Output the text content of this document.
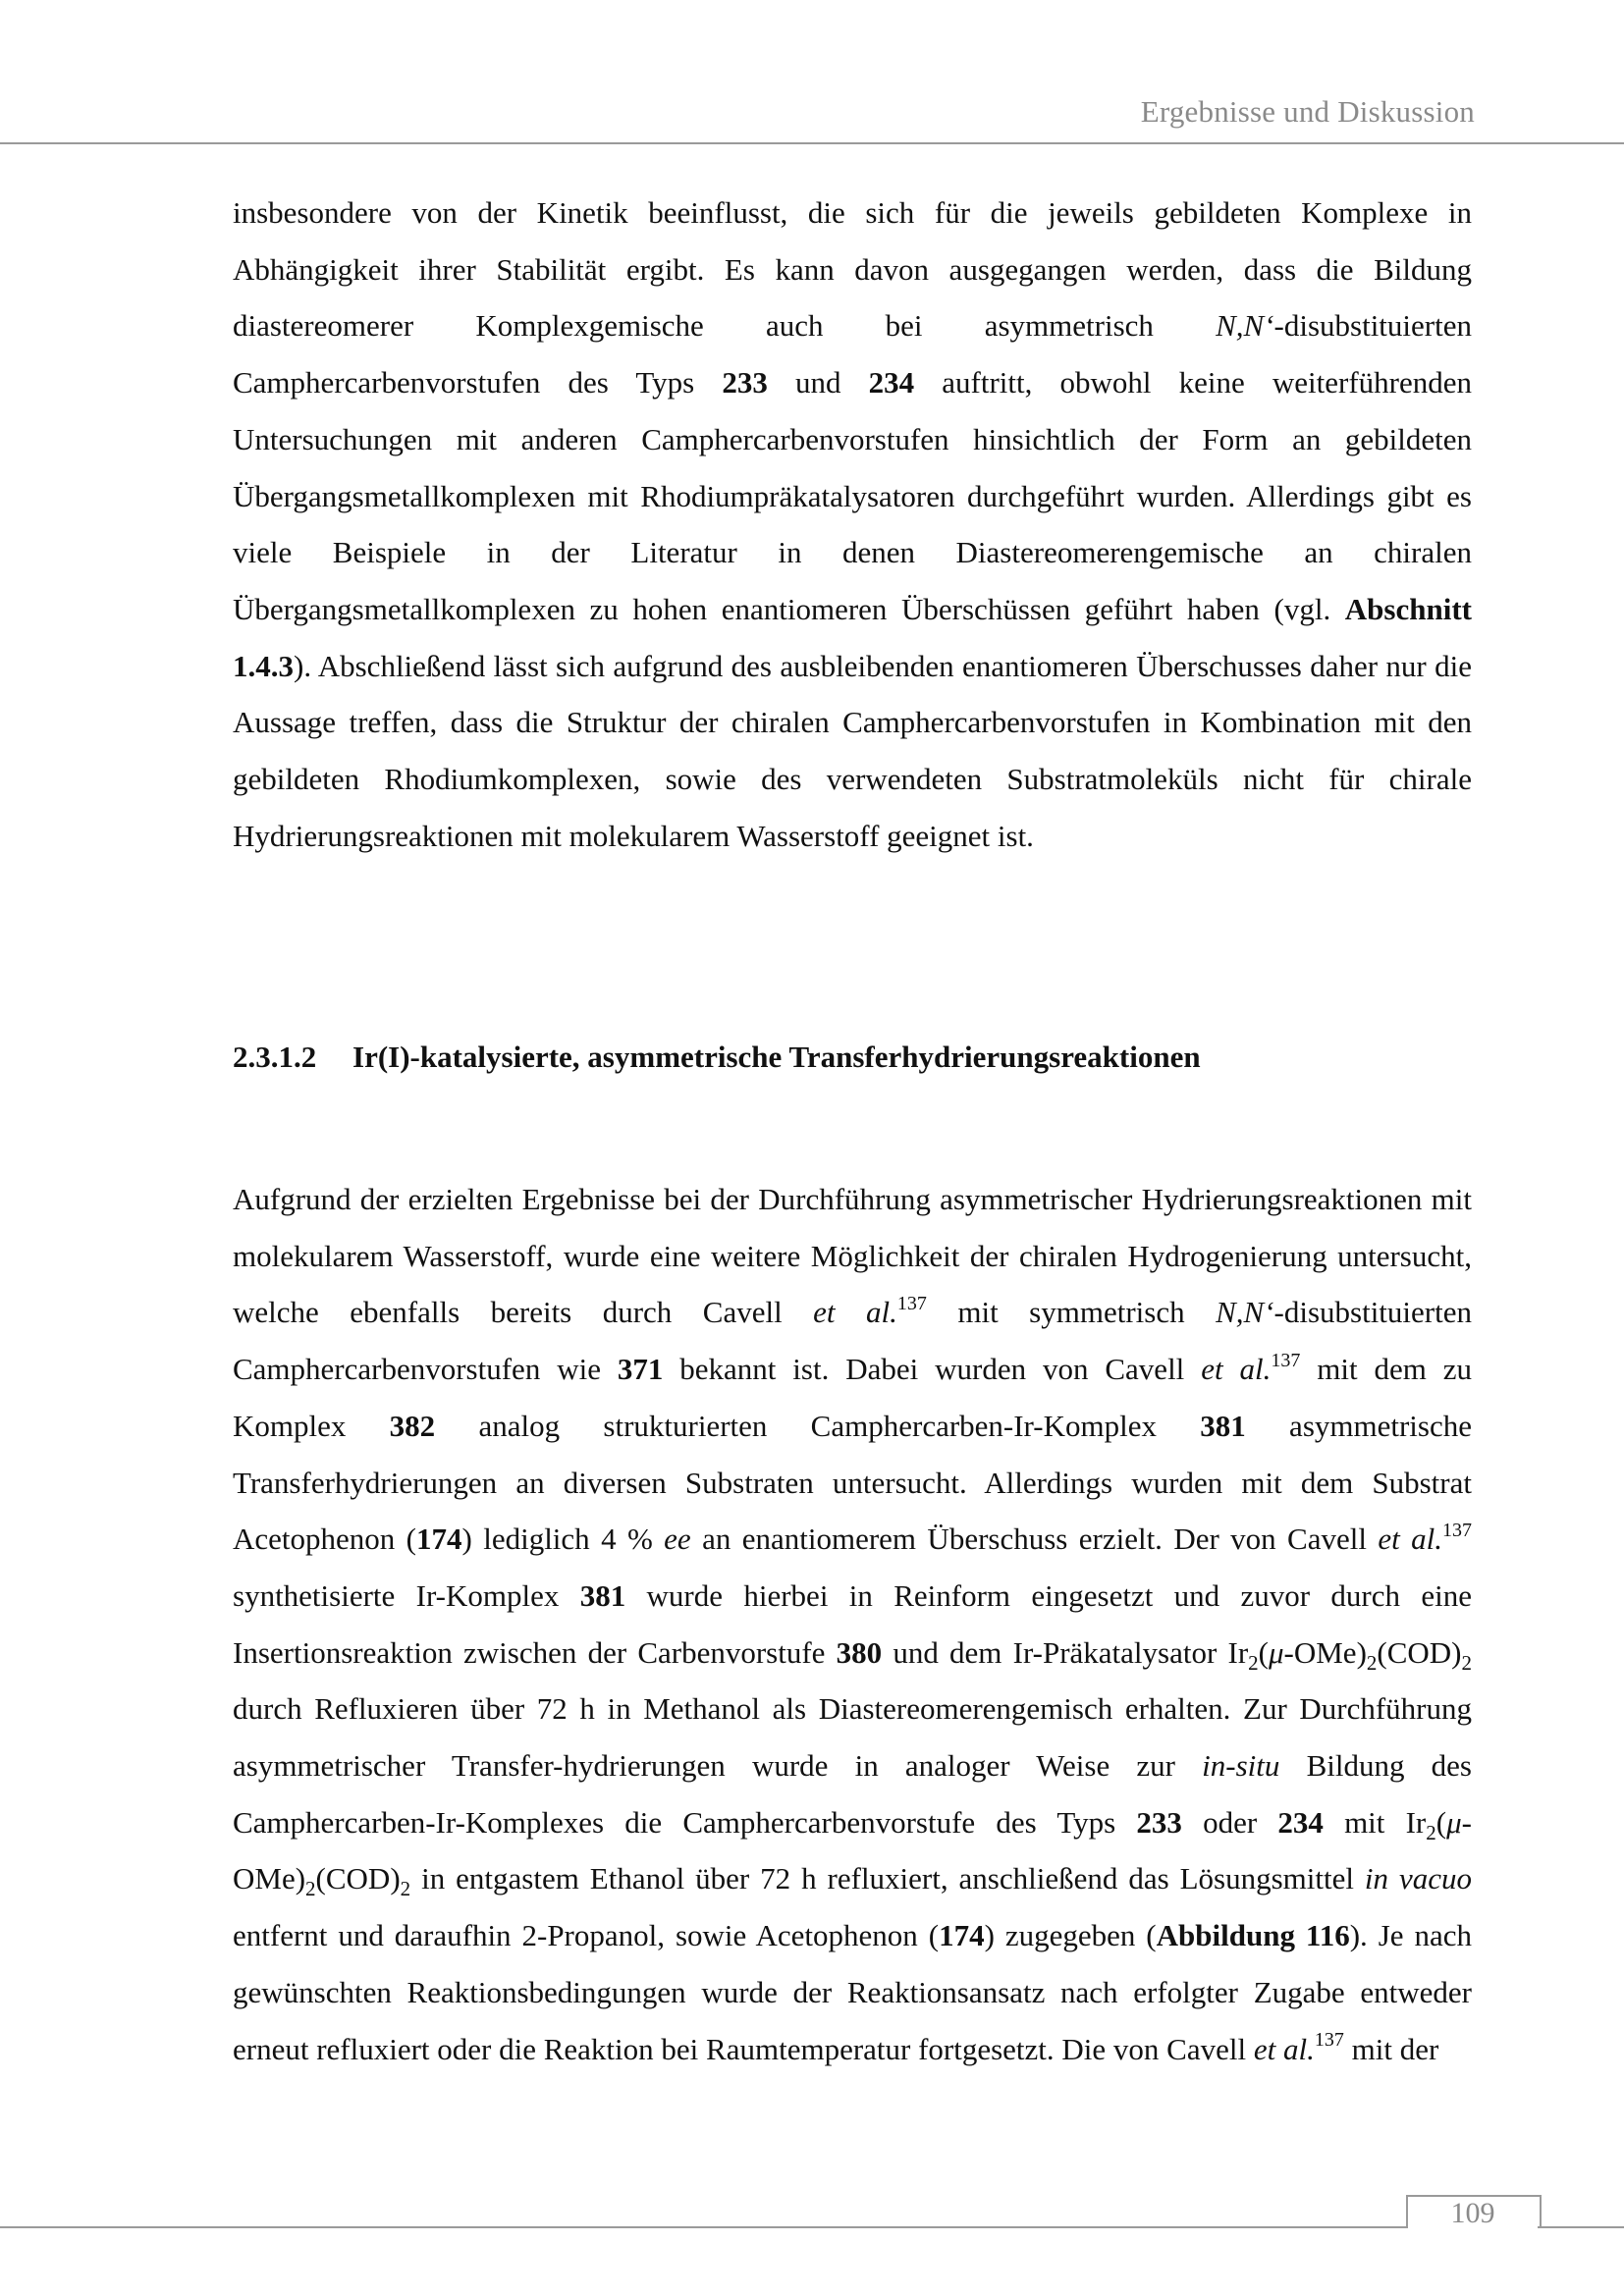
Ergebnisse und Diskussion

insbesondere von der Kinetik beeinflusst, die sich für die jeweils gebildeten Komplexe in Abhängigkeit ihrer Stabilität ergibt. Es kann davon ausgegangen werden, dass die Bildung diastereomerer Komplexgemische auch bei asymmetrisch N,N‘-disubstituierten Camphercarbenvorstufen des Typs 233 und 234 auftritt, obwohl keine weiterführenden Untersuchungen mit anderen Camphercarbenvorstufen hinsichtlich der Form an gebildeten Übergangsmetallkomplexen mit Rhodiumpräkatalysatoren durchgeführt wurden. Allerdings gibt es viele Beispiele in der Literatur in denen Diastereomerengemische an chiralen Übergangsmetallkomplexen zu hohen enantiomeren Überschüssen geführt haben (vgl. Abschnitt 1.4.3). Abschließend lässt sich aufgrund des ausbleibenden enantiomeren Überschusses daher nur die Aussage treffen, dass die Struktur der chiralen Camphercarbenvorstufen in Kombination mit den gebildeten Rhodiumkomplexen, sowie des verwendeten Substratmoleküls nicht für chirale Hydrierungsreaktionen mit molekularem Wasserstoff geeignet ist.

2.3.1.2 Ir(I)-katalysierte, asymmetrische Transferhydrierungsreaktionen

Aufgrund der erzielten Ergebnisse bei der Durchführung asymmetrischer Hydrierungsreaktionen mit molekularem Wasserstoff, wurde eine weitere Möglichkeit der chiralen Hydrogenierung untersucht, welche ebenfalls bereits durch Cavell et al.$^{137}$ mit symmetrisch N,N‘-disubstituierten Camphercarbenvorstufen wie 371 bekannt ist. Dabei wurden von Cavell et al.$^{137}$ mit dem zu Komplex 382 analog strukturierten Camphercarben-Ir-Komplex 381 asymmetrische Transferhydrierungen an diversen Substraten untersucht. Allerdings wurden mit dem Substrat Acetophenon (174) lediglich 4 % ee an enantiomerem Überschuss erzielt. Der von Cavell et al.$^{137}$ synthetisierte Ir-Komplex 381 wurde hierbei in Reinform eingesetzt und zuvor durch eine Insertionsreaktion zwischen der Carbenvorstufe 380 und dem Ir-Präkatalysator $Ir_2(\mu-OMe)_2(COD)_2$ durch Refluxieren über 72 h in Methanol als Diastereomerengemisch erhalten. Zur Durchführung asymmetrischer Transfer-hydrierungen wurde in analoger Weise zur in-situ Bildung des Camphercarben-Ir-Komplexes die Camphercarbenvorstufe des Typs 233 oder 234 mit $Ir_2(\mu-OMe)_2(COD)_2$ in entgastem Ethanol über 72 h refluxiert, anschließend das Lösungsmittel in vacuo entfernt und daraufhin 2-Propanol, sowie Acetophenon (174) zugegeben (Abbildung 116). Je nach gewünschten Reaktionsbedingungen wurde der Reaktionsansatz nach erfolgter Zugabe entweder erneut refluxiert oder die Reaktion bei Raumtemperatur fortgesetzt. Die von Cavell et al.$^{137}$ mit der

109
